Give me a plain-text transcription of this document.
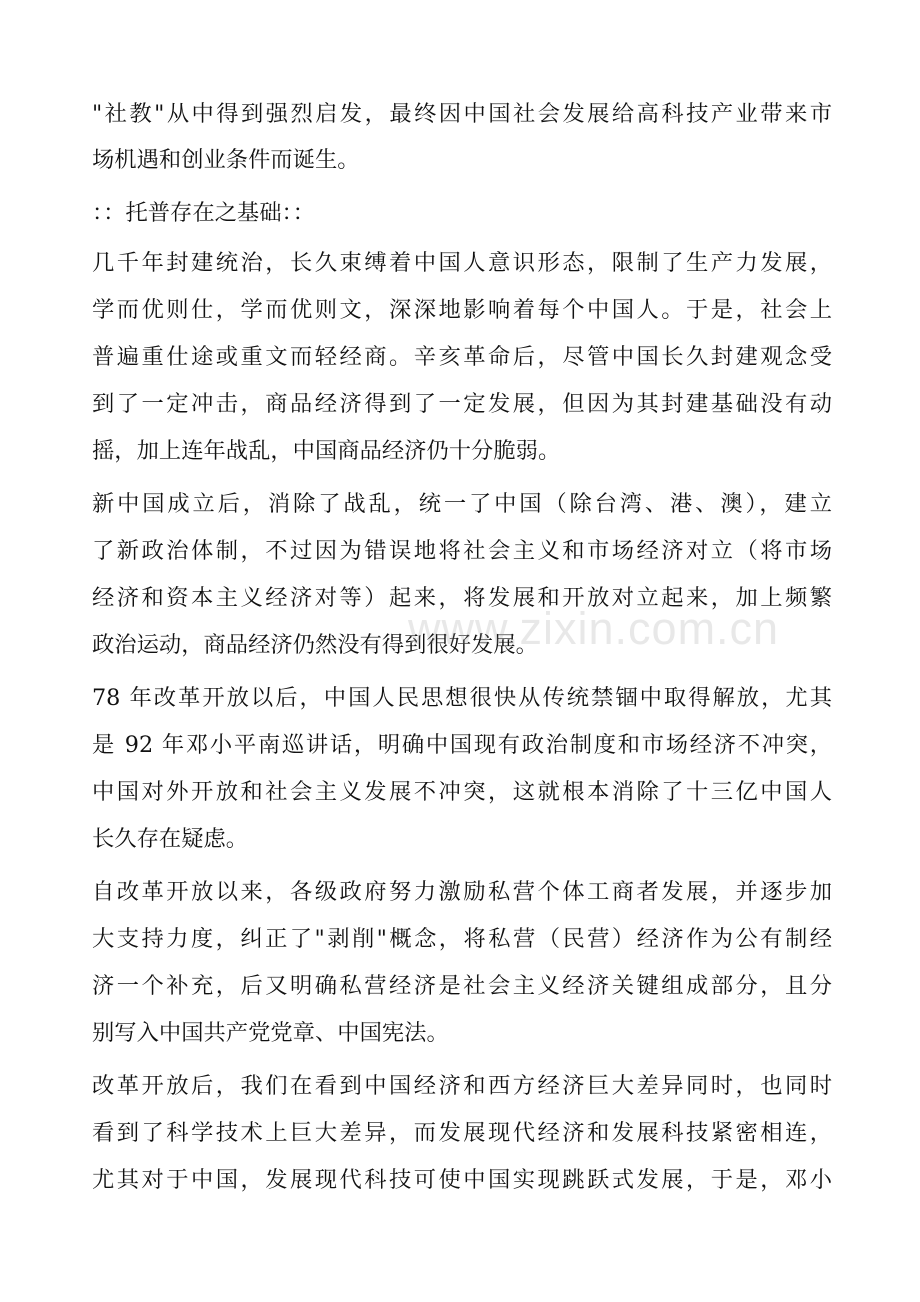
"社教"从中得到强烈启发，最终因中国社会发展给高科技产业带来市
场机遇和创业条件而诞生。
：：托普存在之基础：：
几千年封建统治，长久束缚着中国人意识形态，限制了生产力发展，
学而优则仕，学而优则文，深深地影响着每个中国人。于是，社会上
普遍重仕途或重文而轻经商。辛亥革命后，尽管中国长久封建观念受
到了一定冲击，商品经济得到了一定发展，但因为其封建基础没有动
摇，加上连年战乱，中国商品经济仍十分脆弱。
新中国成立后，消除了战乱，统一了中国（除台湾、港、澳），建立
了新政治体制，不过因为错误地将社会主义和市场经济对立（将市场
经济和资本主义经济对等）起来，将发展和开放对立起来，加上频繁
政治运动，商品经济仍然没有得到很好发展。
78 年改革开放以后，中国人民思想很快从传统禁锢中取得解放，尤其
是 92 年邓小平南巡讲话，明确中国现有政治制度和市场经济不冲突，
中国对外开放和社会主义发展不冲突，这就根本消除了十三亿中国人
长久存在疑虑。
自改革开放以来，各级政府努力激励私营个体工商者发展，并逐步加
大支持力度，纠正了"剥削"概念，将私营（民营）经济作为公有制经
济一个补充，后又明确私营经济是社会主义经济关键组成部分，且分
别写入中国共产党党章、中国宪法。
改革开放后，我们在看到中国经济和西方经济巨大差异同时，也同时
看到了科学技术上巨大差异，而发展现代经济和发展科技紧密相连，
尤其对于中国，发展现代科技可使中国实现跳跃式发展，于是，邓小
www.zixin.com.cn
